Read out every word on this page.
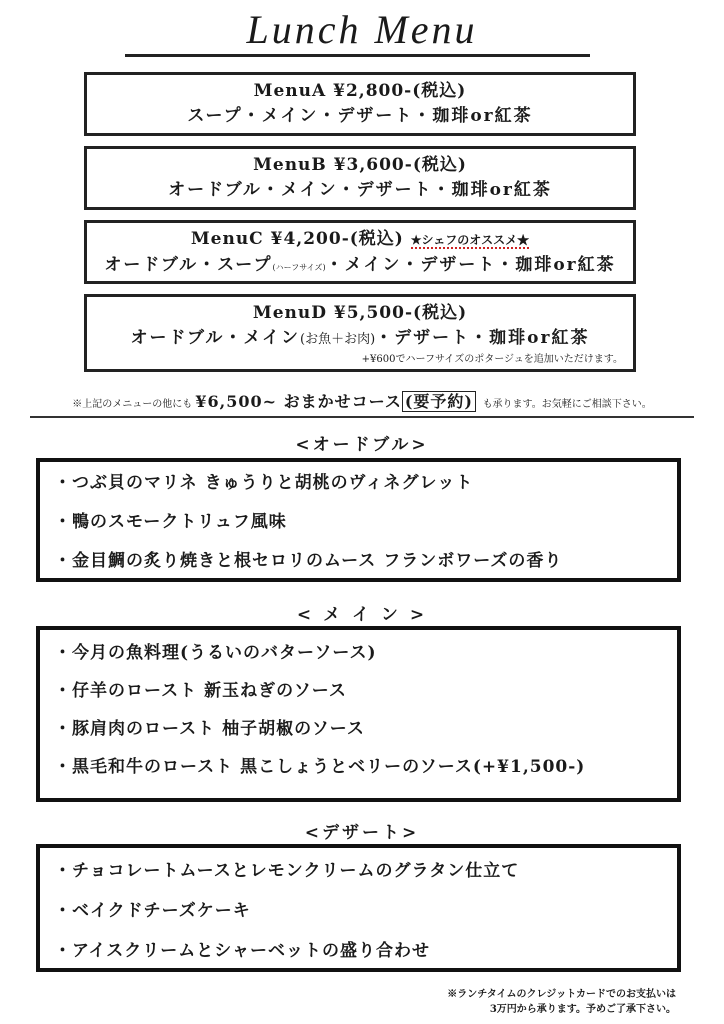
Lunch Menu
MenuA ¥2,800-(税込)
スープ・メイン・デザート・珈琲or紅茶
MenuB ¥3,600-(税込)
オードブル・メイン・デザート・珈琲or紅茶
MenuC ¥4,200-(税込) ★シェフのオススメ★
オードブル・スープ(ハーフサイズ)・メイン・デザート・珈琲or紅茶
MenuD ¥5,500-(税込)
オードブル・メイン(お魚＋お肉)・デザート・珈琲or紅茶
+¥600でハーフサイズのポタージュを追加いただけます。
※上記のメニューの他にも ¥6,500~ おまかせコース (要予約) も承ります。お気軽にご相談下さい。
<オードブル>
・つぶ貝のマリネ きゅうりと胡桃のヴィネグレット
・鴨のスモークトリュフ風味
・金目鯛の炙り焼きと根セロリのムース フランボワーズの香り
< メ イ ン >
・今月の魚料理(うるいのバターソース)
・仔羊のロースト 新玉ねぎのソース
・豚肩肉のロースト 柚子胡椒のソース
・黒毛和牛のロースト 黒こしょうとベリーのソース(+¥1,500-)
<デザート>
・チョコレートムースとレモンクリームのグラタン仕立て
・ベイクドチーズケーキ
・アイスクリームとシャーベットの盛り合わせ
※ランチタイムのクレジットカードでのお支払いは
3万円から承ります。予めご了承下さい。
